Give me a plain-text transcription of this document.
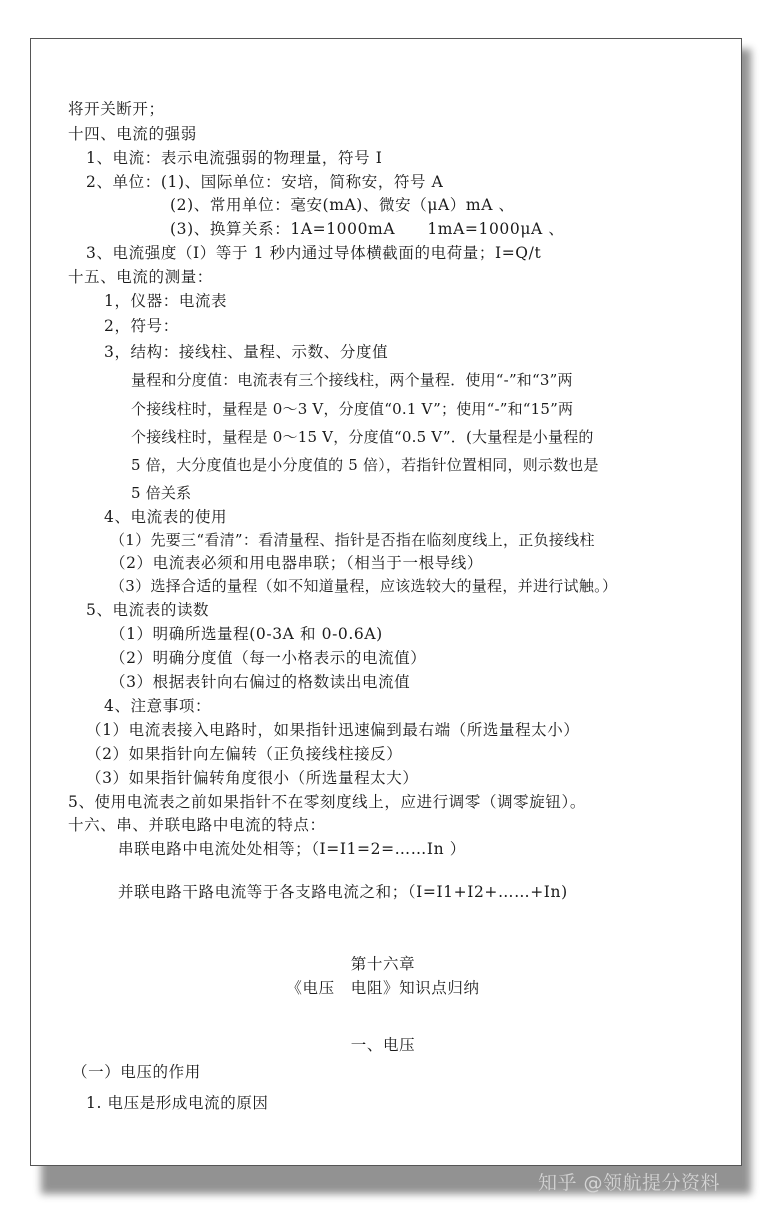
将开关断开；
十四、电流的强弱
1、电流：表示电流强弱的物理量，符号 I
2、单位：(1)、国际单位：安培，简称安，符号 A
(2)、常用单位：毫安(mA)、微安（μA）mA 、
(3)、换算关系：1A=1000mA　　1mA=1000μA 、
3、电流强度（I）等于 1 秒内通过导体横截面的电荷量；I=Q/t
十五、电流的测量：
1，仪器：电流表
2，符号：
3，结构：接线柱、量程、示数、分度值
量程和分度值：电流表有三个接线柱，两个量程．使用“-”和“3”两
个接线柱时，量程是 0～3 V，分度值“0.1 V”；使用“-”和“15”两
个接线柱时，量程是 0～15 V，分度值“0.5 V”．(大量程是小量程的
5 倍，大分度值也是小分度值的 5 倍），若指针位置相同，则示数也是
5 倍关系
4、电流表的使用
（1）先要三“看清”：看清量程、指针是否指在临刻度线上，正负接线柱
（2）电流表必须和用电器串联；（相当于一根导线）
（3）选择合适的量程（如不知道量程，应该选较大的量程，并进行试触。）
5、电流表的读数
（1）明确所选量程(0-3A 和 0-0.6A)
（2）明确分度值（每一小格表示的电流值）
（3）根据表针向右偏过的格数读出电流值
4、注意事项：
（1）电流表接入电路时，如果指针迅速偏到最右端（所选量程太小）
（2）如果指针向左偏转（正负接线柱接反）
（3）如果指针偏转角度很小（所选量程太大）
5、使用电流表之前如果指针不在零刻度线上，应进行调零（调零旋钮）。
十六、串、并联电路中电流的特点：
串联电路中电流处处相等；（I=I1=2=……In ）
并联电路干路电流等于各支路电流之和；（I=I1+I2+……+In)
第十六章
《电压　电阻》知识点归纳
一、电压
（一）电压的作用
1. 电压是形成电流的原因
知乎 @领航提分资料
